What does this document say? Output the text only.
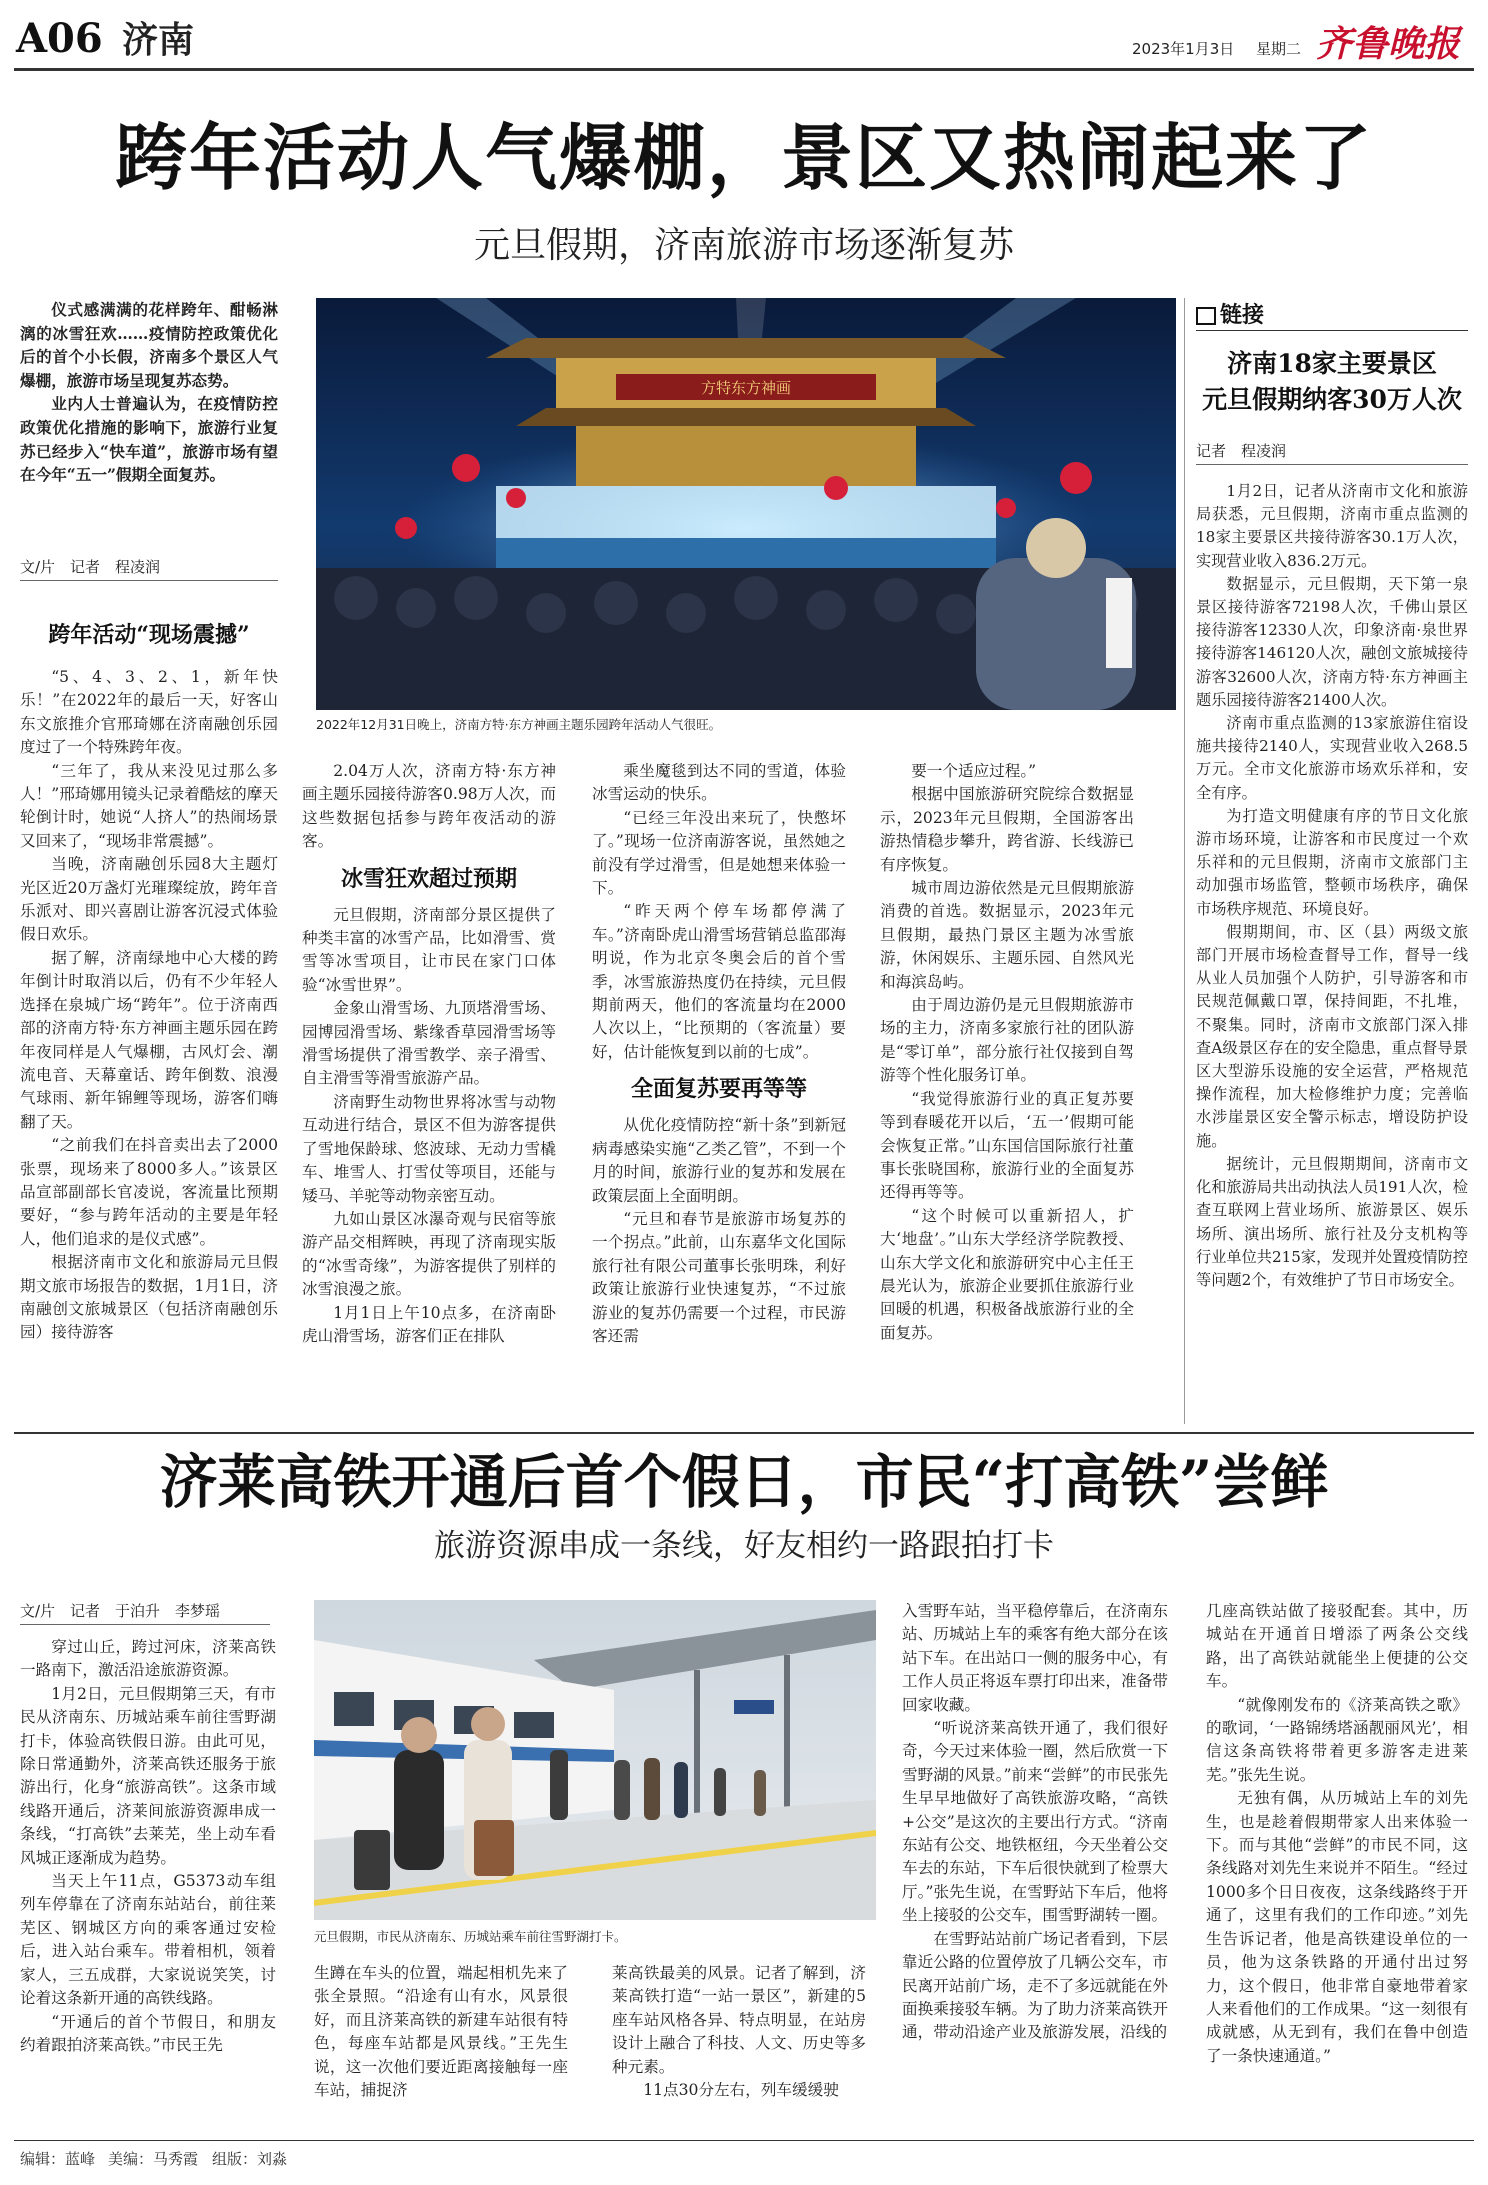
A06 济南	2023年1月3日 星期二 齐鲁晚报
跨年活动人气爆棚，景区又热闹起来了
元旦假期，济南旅游市场逐渐复苏

仪式感满满的花样跨年、酣畅淋漓的冰雪狂欢……疫情防控政策优化后的首个小长假，济南多个景区人气爆棚，旅游市场呈现复苏态势。

业内人士普遍认为，在疫情防控政策优化措施的影响下，旅游行业复苏已经步入“快车道”，旅游市场有望在今年“五一”假期全面复苏。

文/片　记者　程凌润
方特东方神画
2022年12月31日晚上，济南方特·东方神画主题乐园跨年活动人气很旺。
链接
济南18家主要景区
元旦假期纳客30万人次
记者　程凌润

1月2日，记者从济南市文化和旅游局获悉，元旦假期，济南市重点监测的18家主要景区共接待游客30.1万人次，实现营业收入836.2万元。

数据显示，元旦假期，天下第一泉景区接待游客72198人次，千佛山景区接待游客12330人次，印象济南·泉世界接待游客146120人次，融创文旅城接待游客32600人次，济南方特·东方神画主题乐园接待游客21400人次。

济南市重点监测的13家旅游住宿设施共接待2140人，实现营业收入268.5万元。全市文化旅游市场欢乐祥和，安全有序。

为打造文明健康有序的节日文化旅游市场环境，让游客和市民度过一个欢乐祥和的元旦假期，济南市文旅部门主动加强市场监管，整顿市场秩序，确保市场秩序规范、环境良好。

假期期间，市、区（县）两级文旅部门开展市场检查督导工作，督导一线从业人员加强个人防护，引导游客和市民规范佩戴口罩，保持间距，不扎堆，不聚集。同时，济南市文旅部门深入排查A级景区存在的安全隐患，重点督导景区大型游乐设施的安全运营，严格规范操作流程，加大检修维护力度；完善临水涉崖景区安全警示标志，增设防护设施。

据统计，元旦假期期间，济南市文化和旅游局共出动执法人员191人次，检查互联网上营业场所、旅游景区、娱乐场所、演出场所、旅行社及分支机构等行业单位共215家，发现并处置疫情防控等问题2个，有效维护了节日市场安全。

跨年活动“现场震撼”

“5、4、3、2、1，新年快乐！”在2022年的最后一天，好客山东文旅推介官邢琦娜在济南融创乐园度过了一个特殊跨年夜。

“三年了，我从来没见过那么多人！”邢琦娜用镜头记录着酷炫的摩天轮倒计时，她说“人挤人”的热闹场景又回来了，“现场非常震撼”。

当晚，济南融创乐园8大主题灯光区近20万盏灯光璀璨绽放，跨年音乐派对、即兴喜剧让游客沉浸式体验假日欢乐。

据了解，济南绿地中心大楼的跨年倒计时取消以后，仍有不少年轻人选择在泉城广场“跨年”。位于济南西部的济南方特·东方神画主题乐园在跨年夜同样是人气爆棚，古风灯会、潮流电音、天幕童话、跨年倒数、浪漫气球雨、新年锦鲤等现场，游客们嗨翻了天。

“之前我们在抖音卖出去了2000张票，现场来了8000多人。”该景区品宣部副部长官凌说，客流量比预期要好，“参与跨年活动的主要是年轻人，他们追求的是仪式感”。

根据济南市文化和旅游局元旦假期文旅市场报告的数据，1月1日，济南融创文旅城景区（包括济南融创乐园）接待游客

2.04万人次，济南方特·东方神画主题乐园接待游客0.98万人次，而这些数据包括参与跨年夜活动的游客。

冰雪狂欢超过预期

元旦假期，济南部分景区提供了种类丰富的冰雪产品，比如滑雪、赏雪等冰雪项目，让市民在家门口体验“冰雪世界”。

金象山滑雪场、九顶塔滑雪场、园博园滑雪场、紫缘香草园滑雪场等滑雪场提供了滑雪教学、亲子滑雪、自主滑雪等滑雪旅游产品。

济南野生动物世界将冰雪与动物互动进行结合，景区不但为游客提供了雪地保龄球、悠波球、无动力雪橇车、堆雪人、打雪仗等项目，还能与矮马、羊驼等动物亲密互动。

九如山景区冰瀑奇观与民宿等旅游产品交相辉映，再现了济南现实版的“冰雪奇缘”，为游客提供了别样的冰雪浪漫之旅。

1月1日上午10点多，在济南卧虎山滑雪场，游客们正在排队

乘坐魔毯到达不同的雪道，体验冰雪运动的快乐。

“已经三年没出来玩了，快憋坏了。”现场一位济南游客说，虽然她之前没有学过滑雪，但是她想来体验一下。

“昨天两个停车场都停满了车。”济南卧虎山滑雪场营销总监邵海明说，作为北京冬奥会后的首个雪季，冰雪旅游热度仍在持续，元旦假期前两天，他们的客流量均在2000人次以上，“比预期的（客流量）要好，估计能恢复到以前的七成”。

全面复苏要再等等

从优化疫情防控“新十条”到新冠病毒感染实施“乙类乙管”，不到一个月的时间，旅游行业的复苏和发展在政策层面上全面明朗。

“元旦和春节是旅游市场复苏的一个拐点。”此前，山东嘉华文化国际旅行社有限公司董事长张明珠，利好政策让旅游行业快速复苏，“不过旅游业的复苏仍需要一个过程，市民游客还需

要一个适应过程。”

根据中国旅游研究院综合数据显示，2023年元旦假期，全国游客出游热情稳步攀升，跨省游、长线游已有序恢复。

城市周边游依然是元旦假期旅游消费的首选。数据显示，2023年元旦假期，最热门景区主题为冰雪旅游，休闲娱乐、主题乐园、自然风光和海滨岛屿。

由于周边游仍是元旦假期旅游市场的主力，济南多家旅行社的团队游是“零订单”，部分旅行社仅接到自驾游等个性化服务订单。

“我觉得旅游行业的真正复苏要等到春暖花开以后，‘五一’假期可能会恢复正常。”山东国信国际旅行社董事长张晓国称，旅游行业的全面复苏还得再等等。

“这个时候可以重新招人，扩大‘地盘’。”山东大学经济学院教授、山东大学文化和旅游研究中心主任王晨光认为，旅游企业要抓住旅游行业回暖的机遇，积极备战旅游行业的全面复苏。

济莱高铁开通后首个假日，市民“打高铁”尝鲜
旅游资源串成一条线，好友相约一路跟拍打卡
文/片　记者　于泊升　李梦瑶
元旦假期，市民从济南东、历城站乘车前往雪野湖打卡。

穿过山丘，跨过河床，济莱高铁一路南下，激活沿途旅游资源。

1月2日，元旦假期第三天，有市民从济南东、历城站乘车前往雪野湖打卡，体验高铁假日游。由此可见，除日常通勤外，济莱高铁还服务于旅游出行，化身“旅游高铁”。这条市域线路开通后，济莱间旅游资源串成一条线，“打高铁”去莱芜，坐上动车看风城正逐渐成为趋势。

当天上午11点，G5373动车组列车停靠在了济南东站站台，前往莱芜区、钢城区方向的乘客通过安检后，进入站台乘车。带着相机，领着家人，三五成群，大家说说笑笑，讨论着这条新开通的高铁线路。

“开通后的首个节假日，和朋友约着跟拍济莱高铁。”市民王先

生蹲在车头的位置，端起相机先来了张全景照。“沿途有山有水，风景很好，而且济莱高铁的新建车站很有特色，每座车站都是风景线。”王先生说，这一次他们要近距离接触每一座车站，捕捉济

莱高铁最美的风景。记者了解到，济莱高铁打造“一站一景区”，新建的5座车站风格各异、特点明显，在站房设计上融合了科技、人文、历史等多种元素。

11点30分左右，列车缓缓驶

入雪野车站，当平稳停靠后，在济南东站、历城站上车的乘客有绝大部分在该站下车。在出站口一侧的服务中心，有工作人员正将返车票打印出来，准备带回家收藏。

“听说济莱高铁开通了，我们很好奇，今天过来体验一圈，然后欣赏一下雪野湖的风景。”前来“尝鲜”的市民张先生早早地做好了高铁旅游攻略，“高铁+公交”是这次的主要出行方式。“济南东站有公交、地铁枢纽，今天坐着公交车去的东站，下车后很快就到了检票大厅。”张先生说，在雪野站下车后，他将坐上接驳的公交车，围雪野湖转一圈。

在雪野站站前广场记者看到，下层靠近公路的位置停放了几辆公交车，市民离开站前广场，走不了多远就能在外面换乘接驳车辆。为了助力济莱高铁开通，带动沿途产业及旅游发展，沿线的

几座高铁站做了接驳配套。其中，历城站在开通首日增添了两条公交线路，出了高铁站就能坐上便捷的公交车。

“就像刚发布的《济莱高铁之歌》的歌词，‘一路锦绣塔涵靓丽风光’，相信这条高铁将带着更多游客走进莱芜。”张先生说。

无独有偶，从历城站上车的刘先生，也是趁着假期带家人出来体验一下。而与其他“尝鲜”的市民不同，这条线路对刘先生来说并不陌生。“经过1000多个日日夜夜，这条线路终于开通了，这里有我们的工作印迹。”刘先生告诉记者，他是高铁建设单位的一员，他为这条铁路的开通付出过努力，这个假日，他非常自豪地带着家人来看他们的工作成果。“这一刻很有成就感，从无到有，我们在鲁中创造了一条快速通道。”

编辑：蓝峰 美编：马秀霞 组版：刘淼
